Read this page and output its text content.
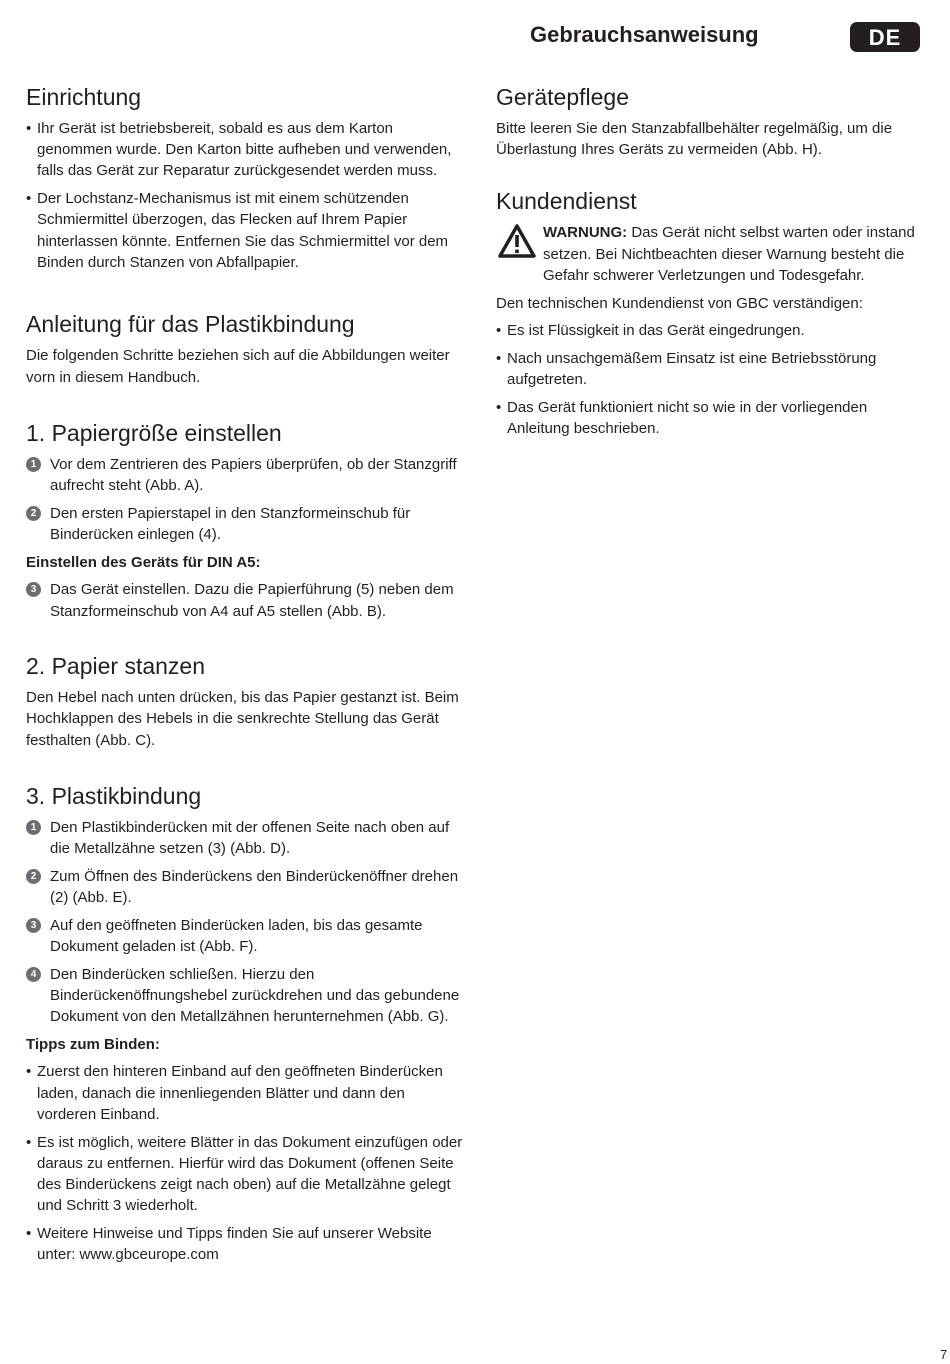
Gebrauchsanweisung	DE
Einrichtung
• Ihr Gerät ist betriebsbereit, sobald es aus dem Karton genommen wurde. Den Karton bitte aufheben und verwenden, falls das Gerät zur Reparatur zurückgesendet werden muss.
• Der Lochstanz-Mechanismus ist mit einem schützenden Schmiermittel überzogen, das Flecken auf Ihrem Papier hinterlassen könnte. Entfernen Sie das Schmiermittel vor dem Binden durch Stanzen von Abfallpapier.
Anleitung für das Plastikbindung

Die folgenden Schritte beziehen sich auf die Abbildungen weiter vorn in diesem Handbuch.

1. Papiergröße einstellen
1 Vor dem Zentrieren des Papiers überprüfen, ob der Stanzgriff aufrecht steht (Abb. A).
2 Den ersten Papierstapel in den Stanzformeinschub für Binderücken einlegen (4).
Einstellen des Geräts für DIN A5:
3 Das Gerät einstellen. Dazu die Papierführung (5) neben dem Stanzformeinschub von A4 auf A5 stellen (Abb. B).
2. Papier stanzen

Den Hebel nach unten drücken, bis das Papier gestanzt ist. Beim Hochklappen des Hebels in die senkrechte Stellung das Gerät festhalten (Abb. C).

3. Plastikbindung
1 Den Plastikbinderücken mit der offenen Seite nach oben auf die Metallzähne setzen (3) (Abb. D).
2 Zum Öffnen des Binderückens den Binderückenöffner drehen (2) (Abb. E).
3 Auf den geöffneten Binderücken laden, bis das gesamte Dokument geladen ist (Abb. F).
4 Den Binderücken schließen. Hierzu den Binderückenöffnungshebel zurückdrehen und das gebundene Dokument von den Metallzähnen herunternehmen (Abb. G).
Tipps zum Binden:
• Zuerst den hinteren Einband auf den geöffneten Binderücken laden, danach die innenliegenden Blätter und dann den vorderen Einband.
• Es ist möglich, weitere Blätter in das Dokument einzufügen oder daraus zu entfernen. Hierfür wird das Dokument (offenen Seite des Binderückens zeigt nach oben) auf die Metallzähne gelegt und Schritt 3 wiederholt.
• Weitere Hinweise und Tipps finden Sie auf unserer Website unter: www.gbceurope.com
Gerätepflege

Bitte leeren Sie den Stanzabfallbehälter regelmäßig, um die Überlastung Ihres Geräts zu vermeiden (Abb. H).

Kundendienst
WARNUNG: Das Gerät nicht selbst warten oder instand setzen. Bei Nichtbeachten dieser Warnung besteht die Gefahr schwerer Verletzungen und Todesgefahr.

Den technischen Kundendienst von GBC verständigen:

• Es ist Flüssigkeit in das Gerät eingedrungen.
• Nach unsachgemäßem Einsatz ist eine Betriebsstörung aufgetreten.
• Das Gerät funktioniert nicht so wie in der vorliegenden Anleitung beschrieben.
7
